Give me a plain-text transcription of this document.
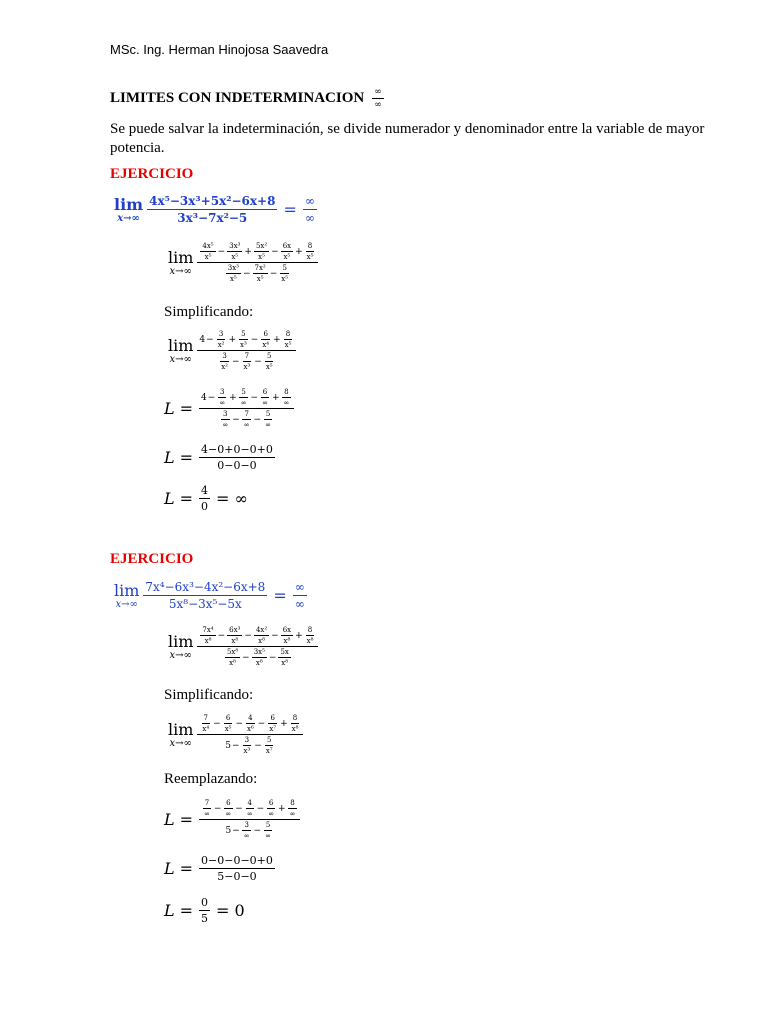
MSc. Ing. Herman Hinojosa Saavedra
LIMITES CON INDETERMINACION $\frac{\infty}{\infty}$
Se puede salvar la indeterminación, se divide numerador y denominador entre la variable de mayor potencia.
EJERCICIO
lim
$x\to\infty \frac{\text{4x⁵−3x³+5x²−6x+8}}{\text{3x³−7x²−5}} = \frac{\infty}{\infty}$
lim
$x\to\infty \frac{\frac{\text{4x⁵}}{\text{x⁵}} - \frac{\text{3x³}}{\text{x⁵}} + \frac{\text{5x²}}{\text{x⁵}} - \frac{6x}{\text{x⁵}} + \frac{8}{\text{x⁵}}}{\frac{\text{3x³}}{\text{x⁵}} - \frac{\text{7x²}}{\text{x⁵}} - \frac{5}{\text{x⁵}}}$
Simplificando:
lim
$x\to\infty \frac{4 - \frac{3}{\text{x²}} + \frac{5}{\text{x³}} - \frac{6}{\text{x⁴}} + \frac{8}{\text{x⁵}}}{\frac{3}{\text{x²}} - \frac{7}{\text{x³}} - \frac{5}{\text{x⁵}}}$
$L = \frac{4 - \frac{3}{\infty} + \frac{5}{\infty} - \frac{6}{\infty} + \frac{8}{\infty}}{\frac{3}{\infty} - \frac{7}{\infty} - \frac{5}{\infty}}$
$L = \frac{4-0+0-0+0}{0-0-0}$
$L = \frac{4}{0}$ = ∞
EJERCICIO
lim
$x\to\infty \frac{\text{7x⁴−6x³−4x²−6x+8}}{\text{5x⁸−3x⁵−5x}} = \frac{\infty}{\infty}$
lim
$x\to\infty \frac{\frac{\text{7x⁴}}{\text{x⁸}} - \frac{\text{6x³}}{\text{x⁸}} - \frac{\text{4x²}}{\text{x⁸}} - \frac{6x}{\text{x⁸}} + \frac{8}{\text{x⁸}}}{\frac{\text{5x⁸}}{\text{x⁸}} - \frac{\text{3x⁵}}{\text{x⁸}} - \frac{5x}{\text{x⁸}}}$
Simplificando:
lim
$x\to\infty \frac{\frac{7}{\text{x⁴}} - \frac{6}{\text{x⁵}} - \frac{4}{\text{x⁶}} - \frac{6}{\text{x⁷}} + \frac{8}{\text{x⁸}}}{5 - \frac{3}{\text{x³}} - \frac{5}{\text{x⁷}}}$
Reemplazando:
$L = \frac{\frac{7}{\infty} - \frac{6}{\infty} - \frac{4}{\infty} - \frac{6}{\infty} + \frac{8}{\infty}}{5 - \frac{3}{\infty} - \frac{5}{\infty}}$
$L = \frac{0-0-0-0+0}{5-0-0}$
$L = \frac{0}{5} = 0$
